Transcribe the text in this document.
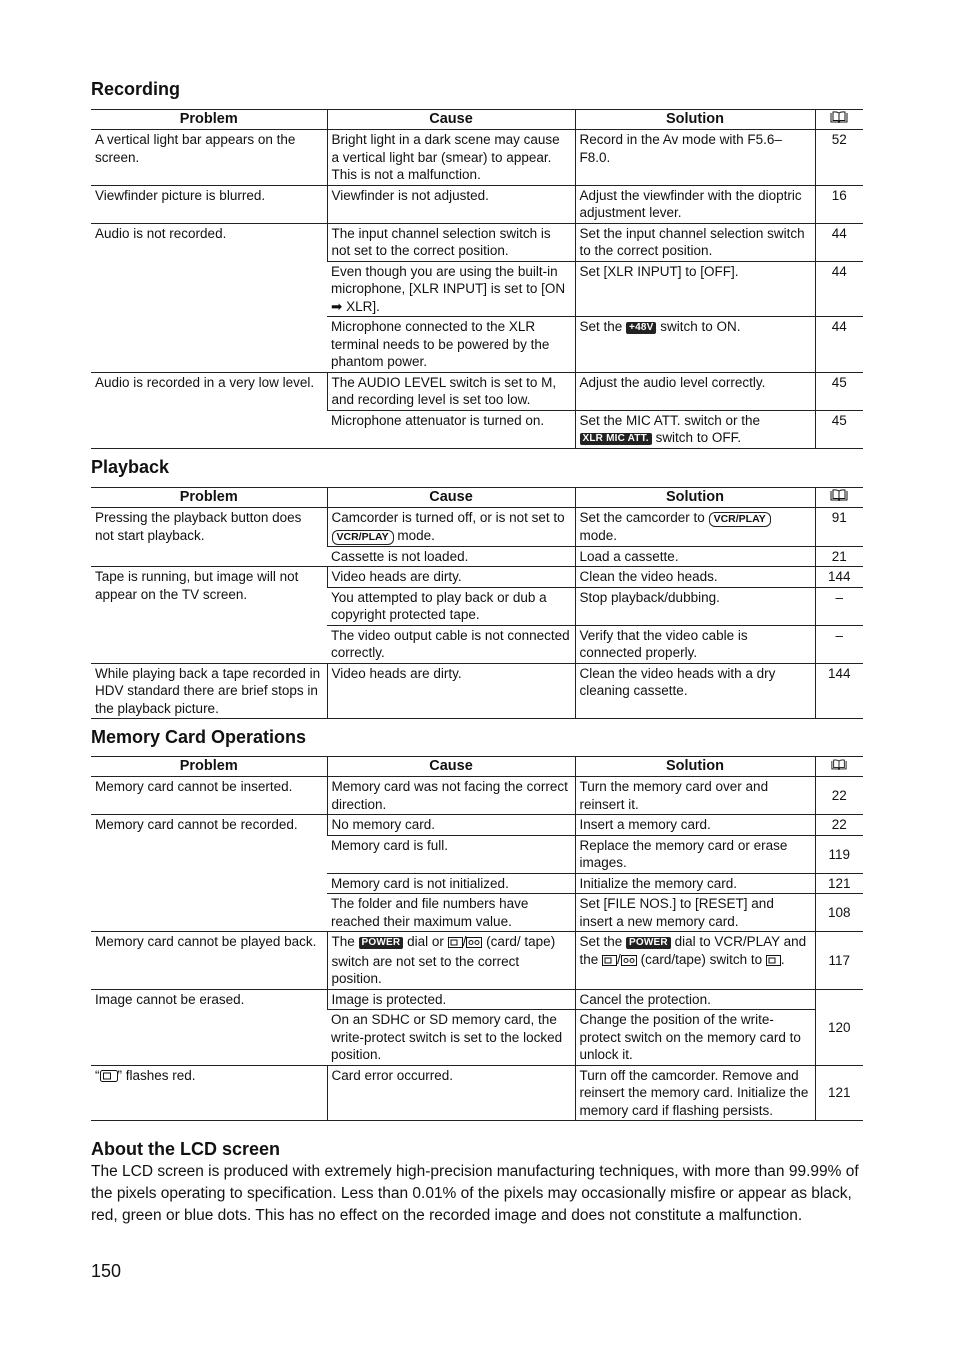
Recording
Problem	Cause	Solution	
A vertical light bar appears on the screen.	Bright light in a dark scene may cause a vertical light bar (smear) to appear. This is not a malfunction.	Record in the Av mode with F5.6–F8.0.	52
Viewfinder picture is blurred.	Viewfinder is not adjusted.	Adjust the viewfinder with the dioptric adjustment lever.	16
Audio is not recorded.	The input channel selection switch is not set to the correct position.	Set the input channel selection switch to the correct position.	44
	Even though you are using the built-in microphone, [XLR INPUT] is set to [ON ➡ XLR].	Set [XLR INPUT] to [OFF].	44
	Microphone connected to the XLR terminal needs to be powered by the phantom power.	Set the +48V switch to ON.	44
Audio is recorded in a very low level.	The AUDIO LEVEL switch is set to M, and recording level is set too low.	Adjust the audio level correctly.	45
	Microphone attenuator is turned on.	Set the MIC ATT. switch or the XLR MIC ATT. switch to OFF.	45
Playback
Problem	Cause	Solution	
Pressing the playback button does not start playback.	Camcorder is turned off, or is not set to VCR/PLAY mode.	Set the camcorder to VCR/PLAY mode.	91
	Cassette is not loaded.	Load a cassette.	21
Tape is running, but image will not appear on the TV screen.	Video heads are dirty.	Clean the video heads.	144
	You attempted to play back or dub a copyright protected tape.	Stop playback/dubbing.	–
	The video output cable is not connected correctly.	Verify that the video cable is connected properly.	–
While playing back a tape recorded in HDV standard there are brief stops in the playback picture.	Video heads are dirty.	Clean the video heads with a dry cleaning cassette.	144
Memory Card Operations
Problem	Cause	Solution	
Memory card cannot be inserted.	Memory card was not facing the correct direction.	Turn the memory card over and reinsert it.	22
Memory card cannot be recorded.	No memory card.	Insert a memory card.	22
	Memory card is full.	Replace the memory card or erase images.	119
	Memory card is not initialized.	Initialize the memory card.	121
	The folder and file numbers have reached their maximum value.	Set [FILE NOS.] to [RESET] and insert a new memory card.	108
Memory card cannot be played back.	The POWER dial or / (card/ tape) switch are not set to the correct position.	Set the POWER dial to VCR/PLAY and the / (card/tape) switch to .	117
Image cannot be erased.	Image is protected.	Cancel the protection.	120
	On an SDHC or SD memory card, the write-protect switch is set to the locked position.	Change the position of the write-protect switch on the memory card to unlock it.	
“ ” flashes red.	Card error occurred.	Turn off the camcorder. Remove and reinsert the memory card. Initialize the memory card if flashing persists.	121
About the LCD screen

The LCD screen is produced with extremely high-precision manufacturing techniques, with more than 99.99% of the pixels operating to specification. Less than 0.01% of the pixels may occasionally misfire or appear as black, red, green or blue dots. This has no effect on the recorded image and does not constitute a malfunction.

150
